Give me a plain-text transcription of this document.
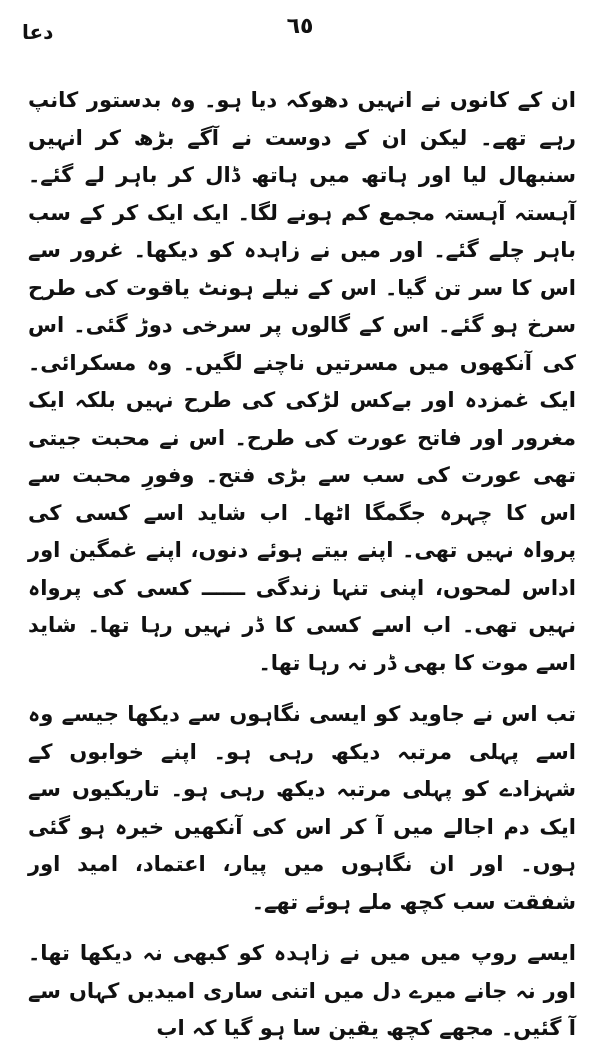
دعا	٦٥

ان کے کانوں نے انہیں دھوکہ دیا ہو۔ وہ بدستور کانپ رہے تھے۔ لیکن ان کے دوست نے آگے بڑھ کر انہیں سنبھال لیا اور ہاتھ میں ہاتھ ڈال کر باہر لے گئے۔ آہستہ آہستہ مجمع کم ہونے لگا۔ ایک ایک کر کے سب باہر چلے گئے۔ اور میں نے زاہدہ کو دیکھا۔ غرور سے اس کا سر تن گیا۔ اس کے نیلے ہونٹ یاقوت کی طرح سرخ ہو گئے۔ اس کے گالوں پر سرخی دوڑ گئی۔ اس کی آنکھوں میں مسرتیں ناچنے لگیں۔ وہ مسکرائی۔ ایک غمزدہ اور بےکس لڑکی کی طرح نہیں بلکہ ایک مغرور اور فاتح عورت کی طرح۔ اس نے محبت جیتی تھی عورت کی سب سے بڑی فتح۔ وفورِ محبت سے اس کا چہرہ جگمگا اٹھا۔ اب شاید اسے کسی کی پرواہ نہیں تھی۔ اپنے بیتے ہوئے دنوں، اپنے غمگین اور اداس لمحوں، اپنی تنہا زندگی ــــــ کسی کی پرواہ نہیں تھی۔ اب اسے کسی کا ڈر نہیں رہا تھا۔ شاید اسے موت کا بھی ڈر نہ رہا تھا۔

تب اس نے جاوید کو ایسی نگاہوں سے دیکھا جیسے وہ اسے پہلی مرتبہ دیکھ رہی ہو۔ اپنے خوابوں کے شہزادے کو پہلی مرتبہ دیکھ رہی ہو۔ تاریکیوں سے ایک دم اجالے میں آ کر اس کی آنکھیں خیرہ ہو گئی ہوں۔ اور ان نگاہوں میں پیار، اعتماد، امید اور شفقت سب کچھ ملے ہوئے تھے۔

ایسے روپ میں میں نے زاہدہ کو کبھی نہ دیکھا تھا۔ اور نہ جانے میرے دل میں اتنی ساری امیدیں کہاں سے آ گئیں۔ مجھے کچھ یقین سا ہو گیا کہ اب
